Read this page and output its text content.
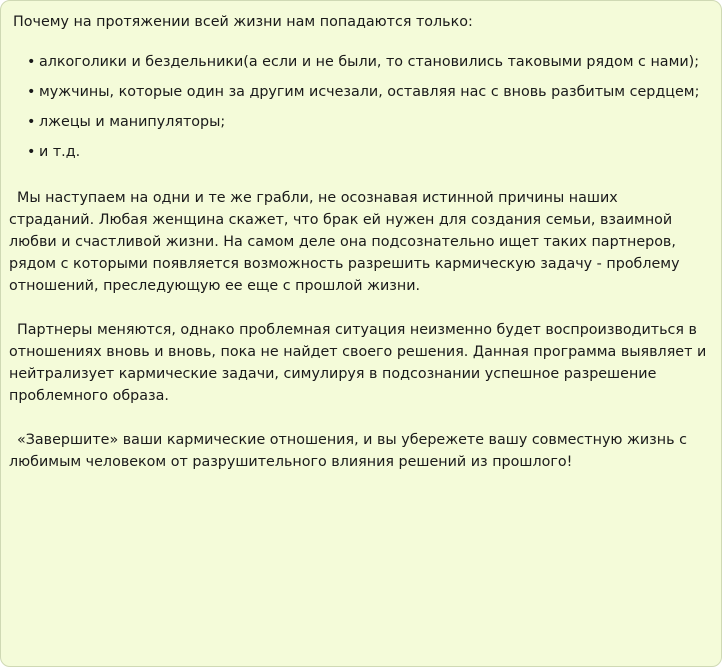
Почему на протяжении всей жизни нам попадаются только:

• алкоголики и бездельники(а если и не были, то становились таковыми рядом с нами);
• мужчины, которые один за другим исчезали, оставляя нас с вновь разбитым сердцем;
• лжецы и манипуляторы;
• и т.д.

Мы наступаем на одни и те же грабли, не осознавая истинной причины наших страданий. Любая женщина скажет, что брак ей нужен для создания семьи, взаимной любви и счастливой жизни. На самом деле она подсознательно ищет таких партнеров, рядом с которыми появляется возможность разрешить кармическую задачу - проблему отношений, преследующую ее еще с прошлой жизни.

Партнеры меняются, однако проблемная ситуация неизменно будет воспроизводиться в отношениях вновь и вновь, пока не найдет своего решения. Данная программа выявляет и нейтрализует кармические задачи, симулируя в подсознании успешное разрешение проблемного образа.

«Завершите» ваши кармические отношения, и вы убережете вашу совместную жизнь с любимым человеком от разрушительного влияния решений из прошлого!
